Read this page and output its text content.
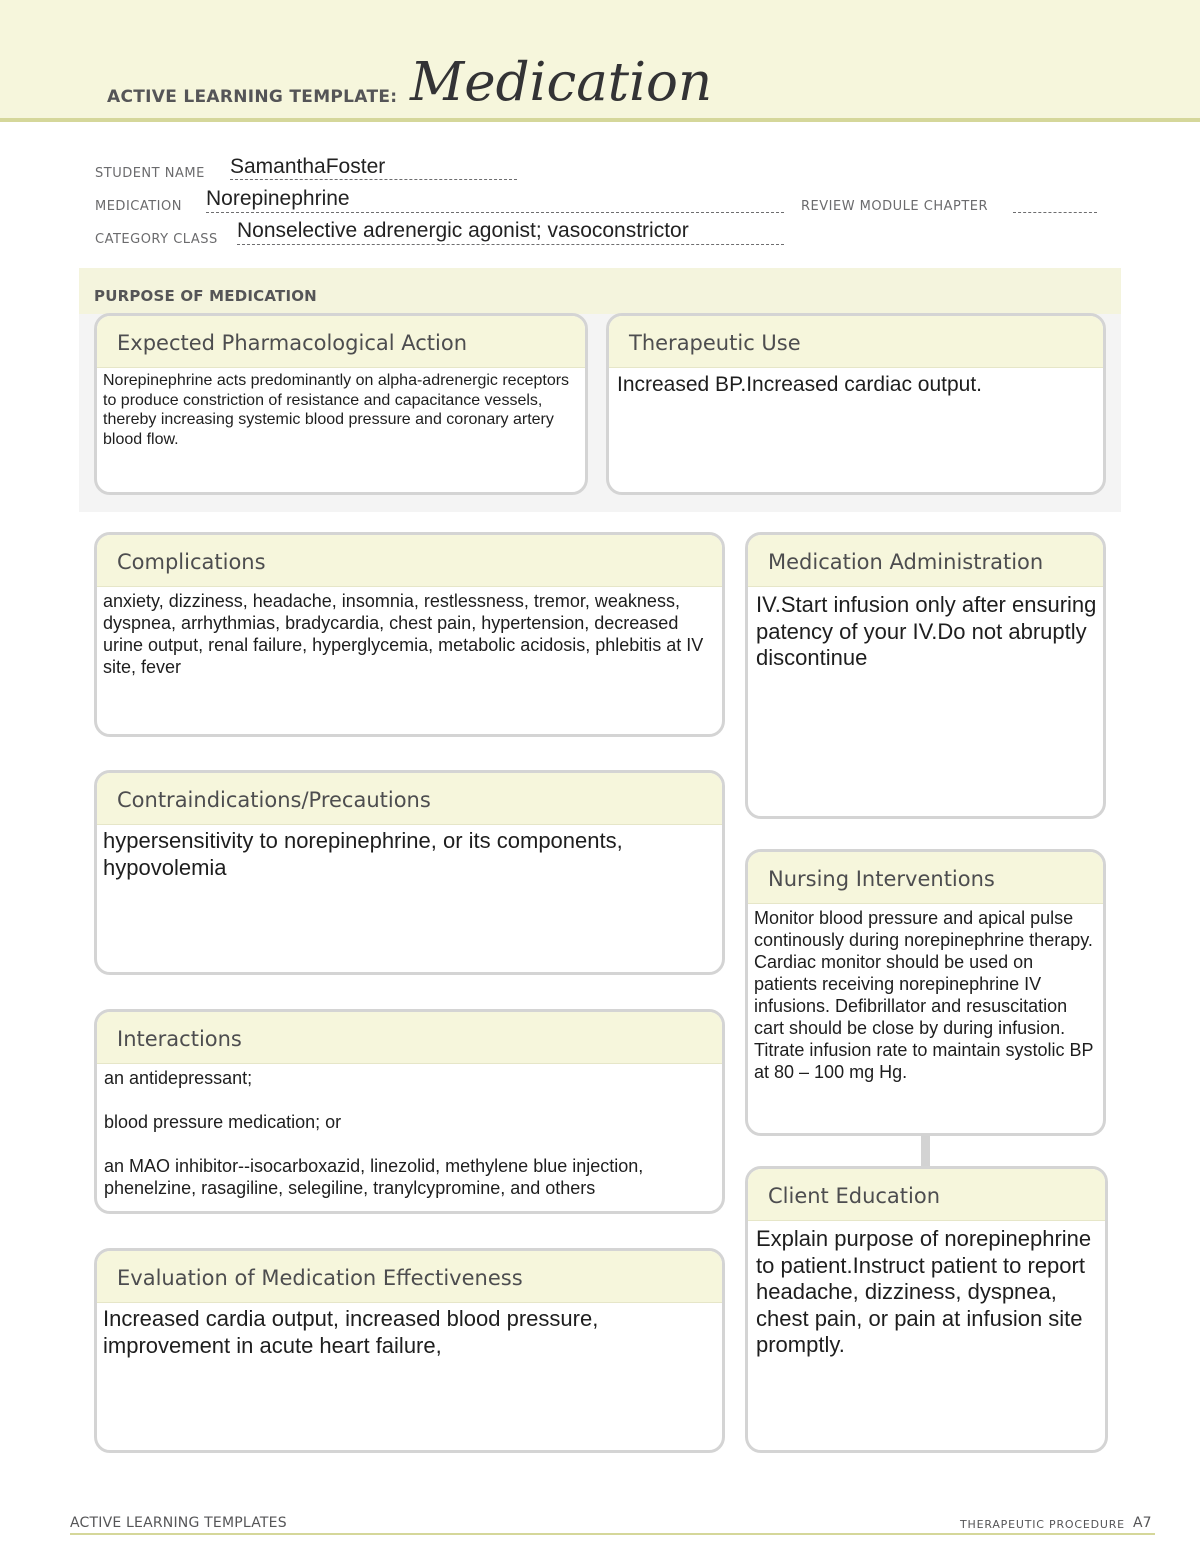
ACTIVE LEARNING TEMPLATE: Medication
STUDENT NAME SamanthaFoster
MEDICATION Norepinephrine	REVIEW MODULE CHAPTER
CATEGORY CLASS Nonselective adrenergic agonist; vasoconstrictor
PURPOSE OF MEDICATION
Expected Pharmacological Action
Norepinephrine acts predominantly on alpha-adrenergic receptors to produce constriction of resistance and capacitance vessels, thereby increasing systemic blood pressure and coronary artery blood flow.
Therapeutic Use
Increased BP.Increased cardiac output.
Complications
anxiety, dizziness, headache, insomnia, restlessness, tremor, weakness, dyspnea, arrhythmias, bradycardia, chest pain, hypertension, decreased urine output, renal failure, hyperglycemia, metabolic acidosis, phlebitis at IV site, fever
Contraindications/Precautions
hypersensitivity to norepinephrine, or its components, hypovolemia
Interactions
an antidepressant;
blood pressure medication; or
an MAO inhibitor--isocarboxazid, linezolid, methylene blue injection, phenelzine, rasagiline, selegiline, tranylcypromine, and others
Evaluation of Medication Effectiveness
Increased cardia output, increased blood pressure, improvement in acute heart failure,
Medication Administration
IV.Start infusion only after ensuring patency of your IV.Do not abruptly discontinue
Nursing Interventions
Monitor blood pressure and apical pulse continously during norepinephrine therapy. Cardiac monitor should be used on patients receiving norepinephrine IV infusions. Defibrillator and resuscitation cart should be close by during infusion. Titrate infusion rate to maintain systolic BP at 80 – 100 mg Hg.
Client Education
Explain purpose of norepinephrine to patient.Instruct patient to report headache, dizziness, dyspnea, chest pain, or pain at infusion site promptly.
ACTIVE LEARNING TEMPLATES	THERAPEUTIC PROCEDURE A7
